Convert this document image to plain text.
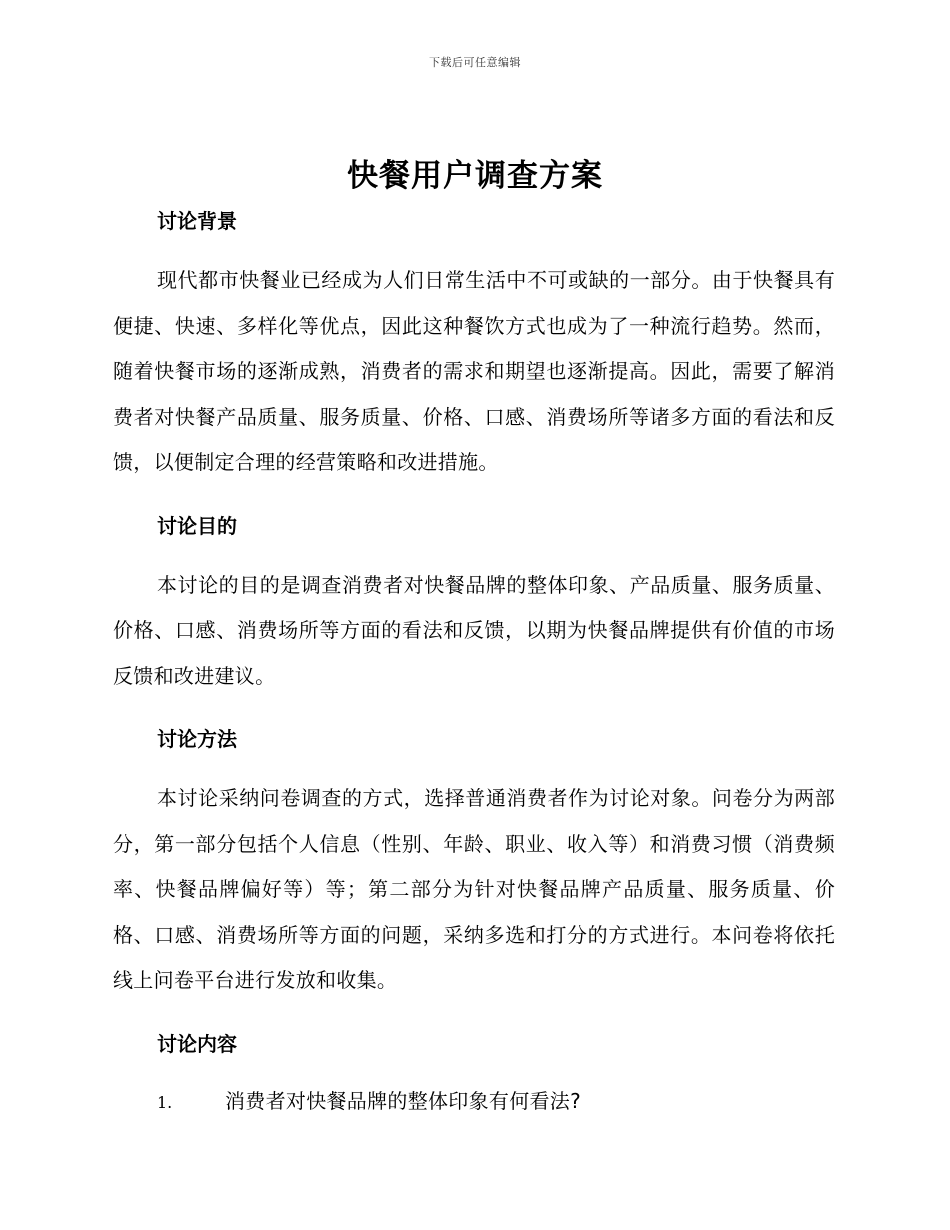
下载后可任意编辑
快餐用户调查方案
讨论背景

现代都市快餐业已经成为人们日常生活中不可或缺的一部分。由于快餐具有便捷、快速、多样化等优点，因此这种餐饮方式也成为了一种流行趋势。然而，随着快餐市场的逐渐成熟，消费者的需求和期望也逐渐提高。因此，需要了解消费者对快餐产品质量、服务质量、价格、口感、消费场所等诸多方面的看法和反馈，以便制定合理的经营策略和改进措施。

讨论目的

本讨论的目的是调查消费者对快餐品牌的整体印象、产品质量、服务质量、价格、口感、消费场所等方面的看法和反馈，以期为快餐品牌提供有价值的市场反馈和改进建议。

讨论方法

本讨论采纳问卷调查的方式，选择普通消费者作为讨论对象。问卷分为两部分，第一部分包括个人信息（性别、年龄、职业、收入等）和消费习惯（消费频率、快餐品牌偏好等）等；第二部分为针对快餐品牌产品质量、服务质量、价格、口感、消费场所等方面的问题，采纳多选和打分的方式进行。本问卷将依托线上问卷平台进行发放和收集。

讨论内容
1.	消费者对快餐品牌的整体印象有何看法?
